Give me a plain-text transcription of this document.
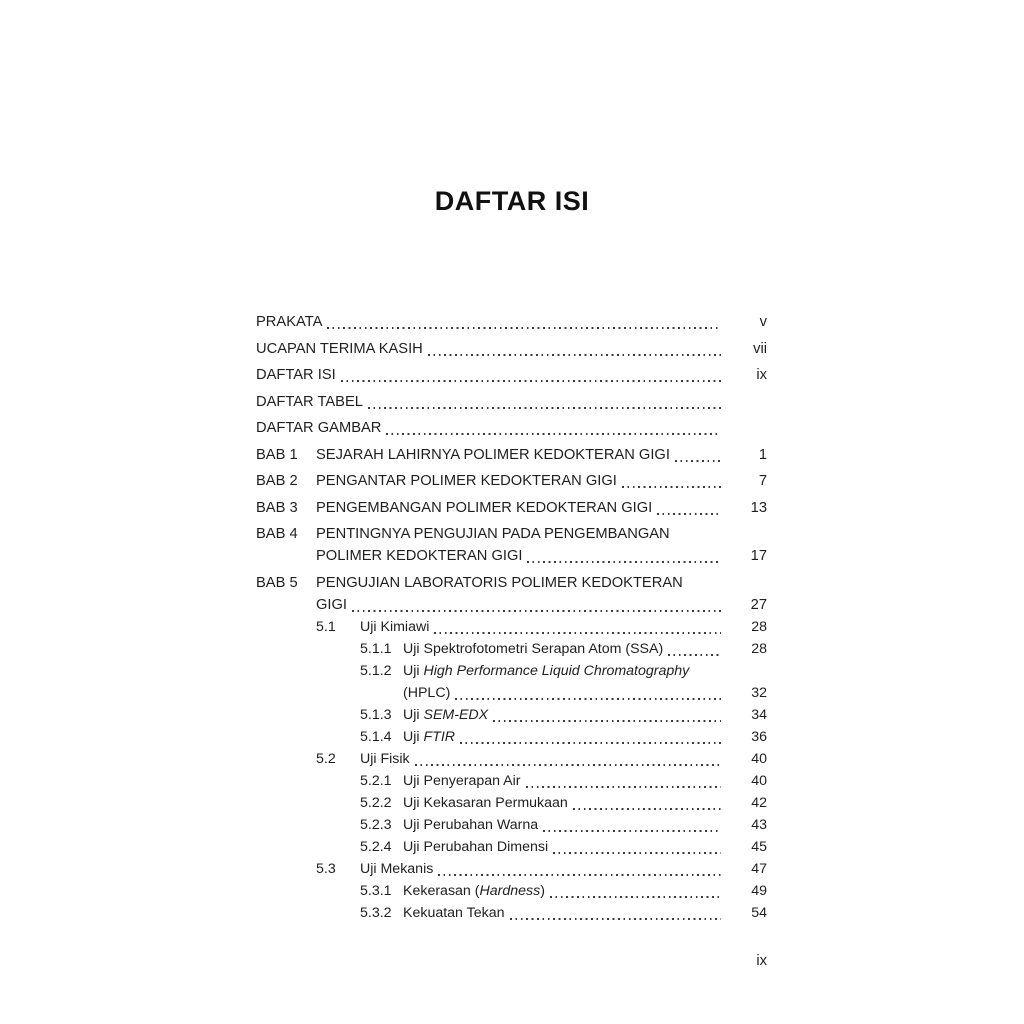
DAFTAR ISI
PRAKATA	v
UCAPAN TERIMA KASIH	vii
DAFTAR ISI	ix
DAFTAR TABEL
DAFTAR GAMBAR
BAB 1	SEJARAH LAHIRNYA POLIMER KEDOKTERAN GIGI	1
BAB 2	PENGANTAR POLIMER KEDOKTERAN GIGI	7
BAB 3	PENGEMBANGAN POLIMER KEDOKTERAN GIGI	13
BAB 4	PENTINGNYA PENGUJIAN PADA PENGEMBANGAN
POLIMER KEDOKTERAN GIGI	17
BAB 5	PENGUJIAN LABORATORIS POLIMER KEDOKTERAN
GIGI	27
5.1	Uji Kimiawi	28
5.1.1 Uji Spektrofotometri Serapan Atom (SSA)	28
5.1.2 Uji High Performance Liquid Chromatography
(HPLC)	32
5.1.3 Uji SEM-EDX	34
5.1.4 Uji FTIR	36
5.2	Uji Fisik	40
5.2.1 Uji Penyerapan Air	40
5.2.2 Uji Kekasaran Permukaan	42
5.2.3 Uji Perubahan Warna	43
5.2.4 Uji Perubahan Dimensi	45
5.3	Uji Mekanis	47
5.3.1 Kekerasan (Hardness)	49
5.3.2 Kekuatan Tekan	54
ix
